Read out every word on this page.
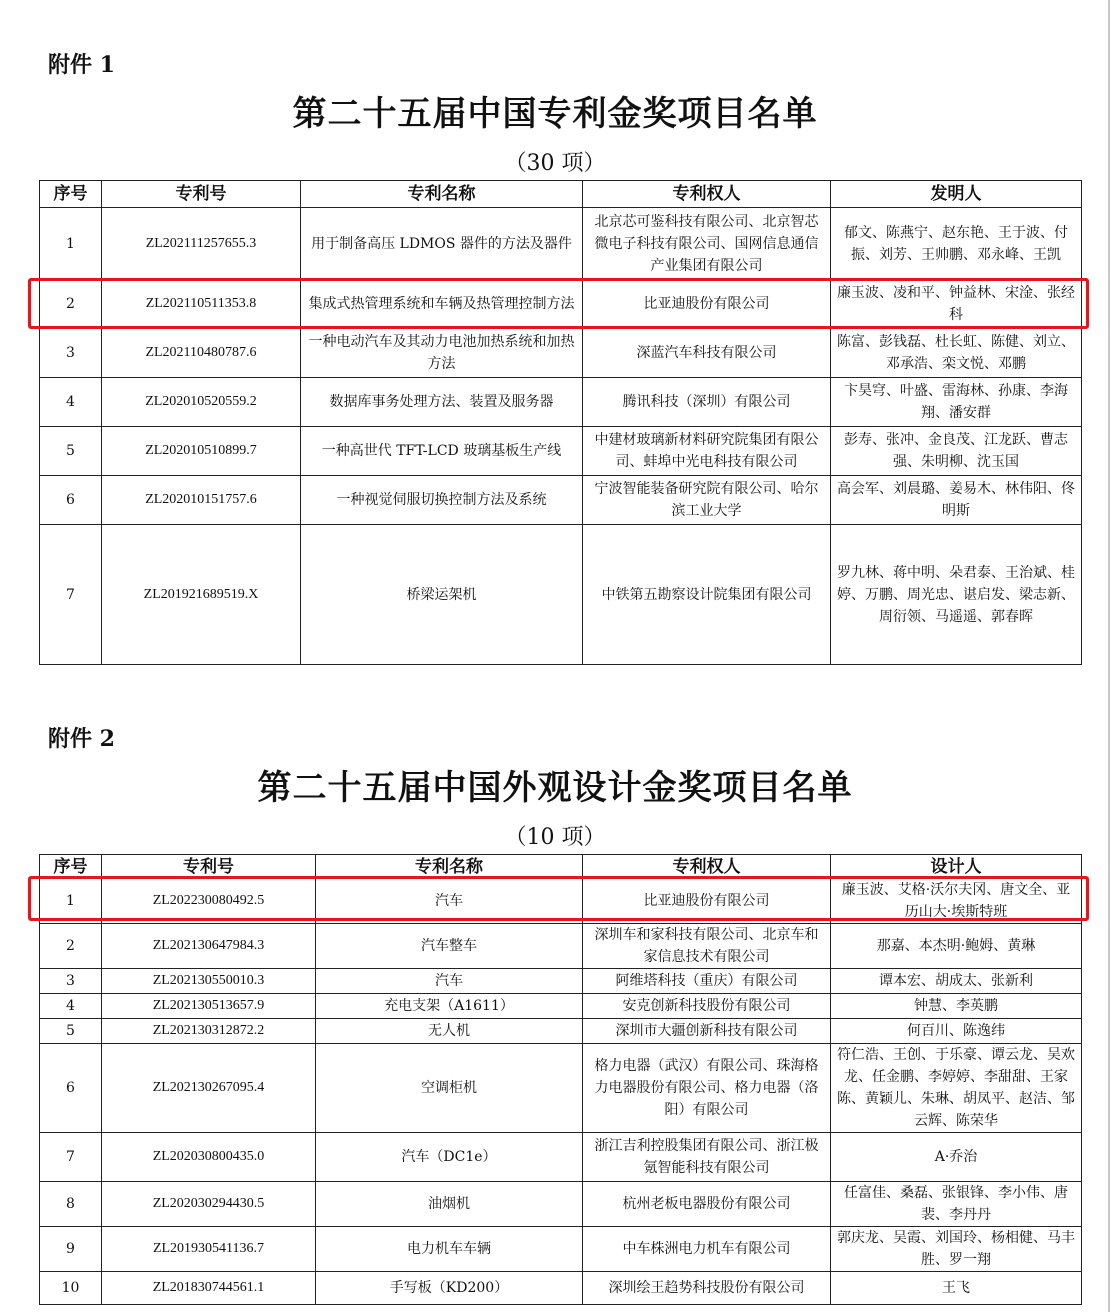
附件 1
第二十五届中国专利金奖项目名单
（30 项）
序号	专利号	专利名称	专利权人	发明人
1	ZL202111257655.3	用于制备高压 LDMOS 器件的方法及器件	北京芯可鉴科技有限公司、北京智芯微电子科技有限公司、国网信息通信产业集团有限公司	郁文、陈燕宁、赵东艳、王于波、付振、刘芳、王帅鹏、邓永峰、王凯
2	ZL202110511353.8	集成式热管理系统和车辆及热管理控制方法	比亚迪股份有限公司	廉玉波、凌和平、钟益林、宋淦、张经科
3	ZL202110480787.6	一种电动汽车及其动力电池加热系统和加热方法	深蓝汽车科技有限公司	陈富、彭钱磊、杜长虹、陈健、刘立、邓承浩、栾文悦、邓鹏
4	ZL202010520559.2	数据库事务处理方法、装置及服务器	腾讯科技（深圳）有限公司	卞昊穹、叶盛、雷海林、孙康、李海翔、潘安群
5	ZL202010510899.7	一种高世代 TFT-LCD 玻璃基板生产线	中建材玻璃新材料研究院集团有限公司、蚌埠中光电科技有限公司	彭寿、张冲、金良茂、江龙跃、曹志强、朱明柳、沈玉国
6	ZL202010151757.6	一种视觉伺服切换控制方法及系统	宁波智能装备研究院有限公司、哈尔滨工业大学	高会军、刘晨璐、姜易木、林伟阳、佟明斯
7	ZL201921689519.X	桥梁运架机	中铁第五勘察设计院集团有限公司	罗九林、蒋中明、朵君泰、王治斌、桂婷、万鹏、周光忠、谌启发、梁志新、周衍领、马遥遥、郭春晖
附件 2
第二十五届中国外观设计金奖项目名单
（10 项）
序号	专利号	专利名称	专利权人	设计人
1	ZL202230080492.5	汽车	比亚迪股份有限公司	廉玉波、艾格·沃尔夫冈、唐文全、亚历山大·埃斯特班
2	ZL202130647984.3	汽车整车	深圳车和家科技有限公司、北京车和家信息技术有限公司	那嘉、本杰明·鲍姆、黄琳
3	ZL202130550010.3	汽车	阿维塔科技（重庆）有限公司	谭本宏、胡成太、张新利
4	ZL202130513657.9	充电支架（A1611）	安克创新科技股份有限公司	钟慧、李英鹏
5	ZL202130312872.2	无人机	深圳市大疆创新科技有限公司	何百川、陈逸纬
6	ZL202130267095.4	空调柜机	格力电器（武汉）有限公司、珠海格力电器股份有限公司、格力电器（洛阳）有限公司	符仁浩、王创、于乐豪、谭云龙、吴欢龙、任金鹏、李婷婷、李甜甜、王家陈、黄颖儿、朱琳、胡凤平、赵洁、邹云辉、陈荣华
7	ZL202030800435.0	汽车（DC1e）	浙江吉利控股集团有限公司、浙江极氪智能科技有限公司	A·乔治
8	ZL202030294430.5	油烟机	杭州老板电器股份有限公司	任富佳、桑磊、张银锋、李小伟、唐裴、李丹丹
9	ZL201930541136.7	电力机车车辆	中车株洲电力机车有限公司	郭庆龙、吴霞、刘国玲、杨相健、马丰胜、罗一翔
10	ZL201830744561.1	手写板（KD200）	深圳绘王趋势科技股份有限公司	王飞
